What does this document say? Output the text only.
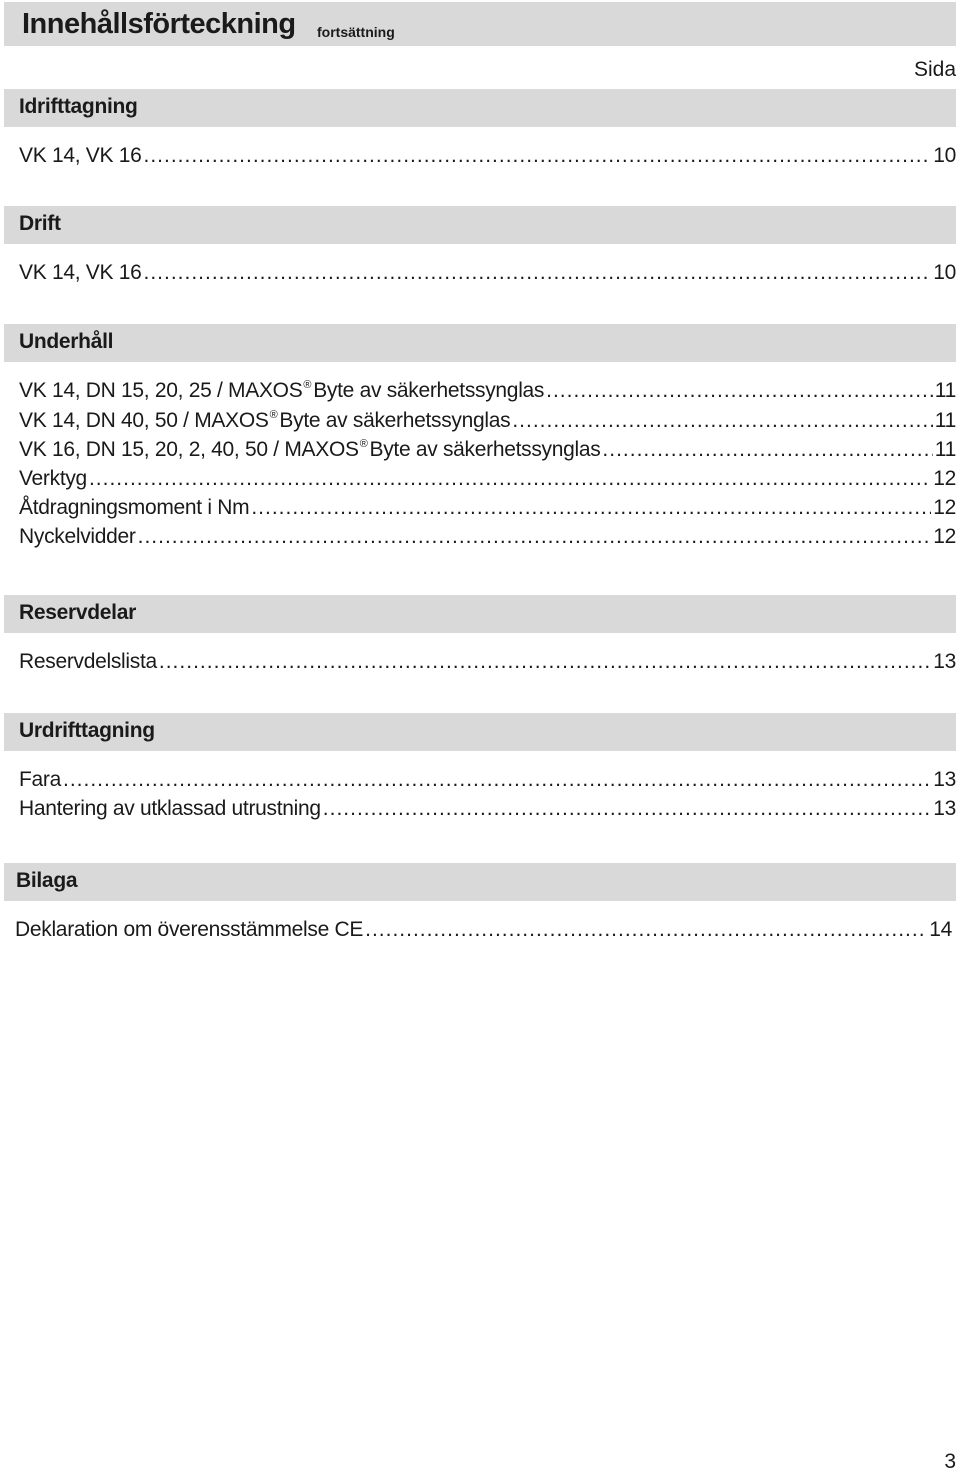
Innehållsförteckning fortsättning
Sida
Idrifttagning
VK 14, VK 16 .....	10
Drift
VK 14, VK 16 .....	10
Underhåll
VK 14, DN 15, 20, 25 / MAXOS®Byte av säkerhetssynglas .....	11
VK 14, DN 40, 50 / MAXOS®Byte av säkerhetssynglas .....	11
VK 16, DN 15, 20, 2, 40, 50 / MAXOS®Byte av säkerhetssynglas .....	11
Verktyg .....	12
Åtdragningsmoment i Nm .....	12
Nyckelvidder .....	12
Reservdelar
Reservdelslista .....	13
Urdrifttagning
Fara .....	13
Hantering av utklassad utrustning .....	13
Bilaga
Deklaration om överensstämmelse CE .....	14
3
